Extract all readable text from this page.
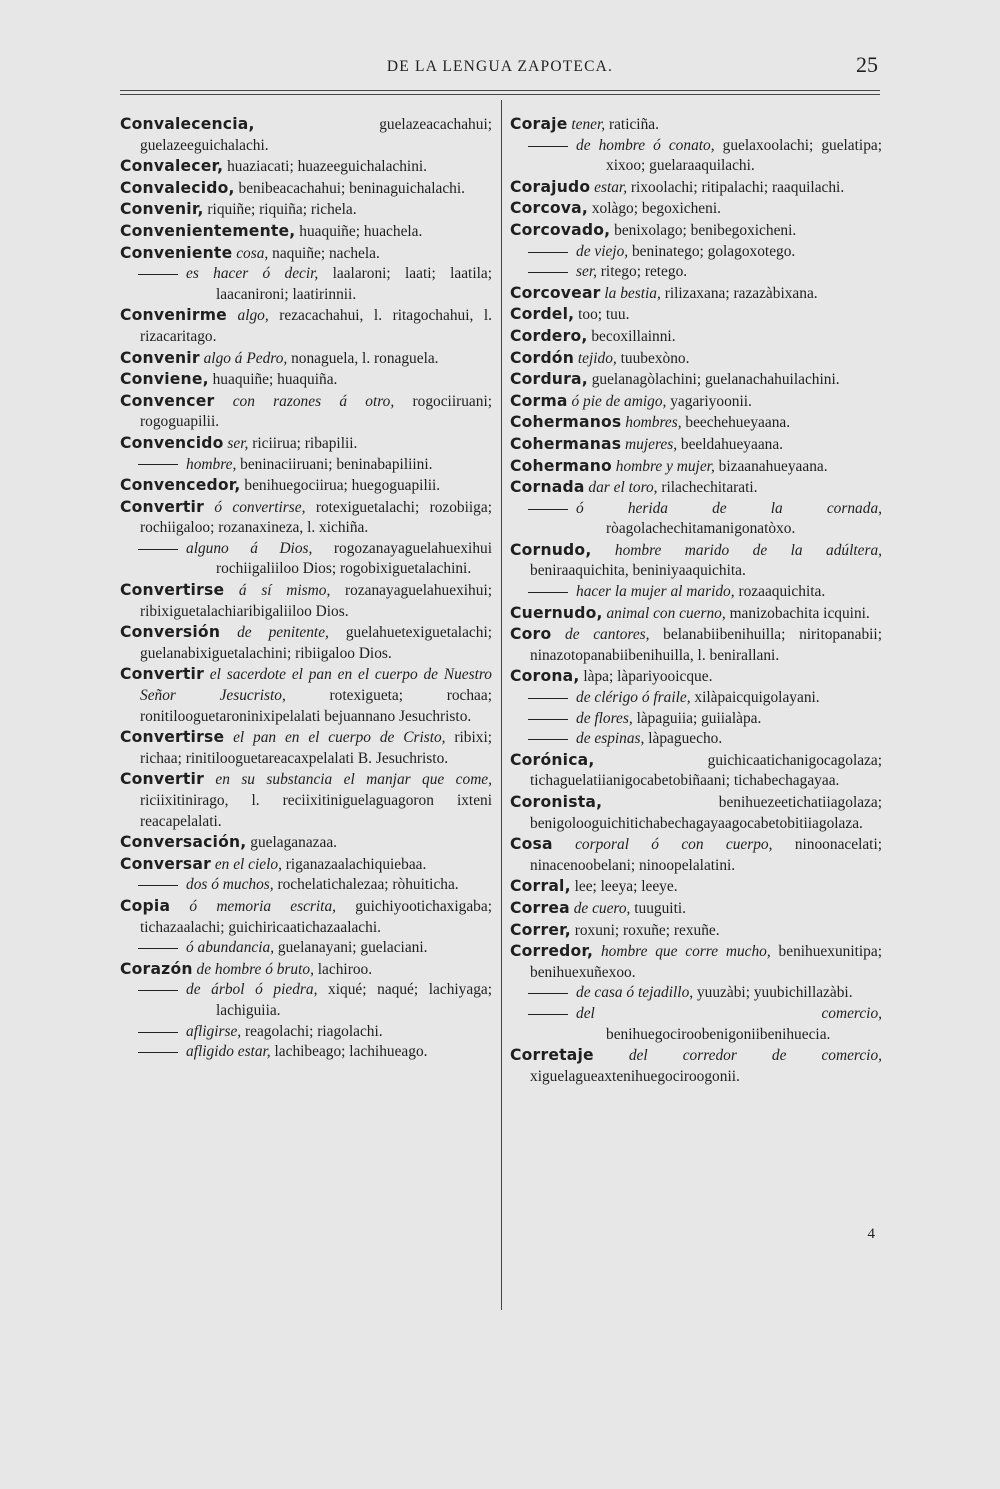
DE LA LENGUA ZAPOTECA.	25

Convalecencia, guelazeacachahui; guelazeeguichalachi.

Convalecer, huaziacati; huazeeguichalachini.

Convalecido, benibeacachahui; beninaguichalachi.

Convenir, riquiñe; riquiña; richela.

Convenientemente, huaquiñe; huachela.

Conveniente cosa, naquiñe; nachela.

es hacer ó decir, laalaroni; laati; laatila; laacanironi; laatirinnii.

Convenirme algo, rezacachahui, l. ritagochahui, l. rizacaritago.

Convenir algo á Pedro, nonaguela, l. ronaguela.

Conviene, huaquiñe; huaquiña.

Convencer con razones á otro, rogociiruani; rogoguapilii.

Convencido ser, riciirua; ribapilii.

hombre, beninaciiruani; beninabapiliini.

Convencedor, benihuegociirua; huegoguapilii.

Convertir ó convertirse, rotexiguetalachi; rozobiiga; rochiigaloo; rozanaxineza, l. xichiña.

alguno á Dios, rogozanayaguelahuexihui rochiigaliiloo Dios; rogobixiguetalachini.

Convertirse á sí mismo, rozanayaguelahuexihui; ribixiguetalachiaribigaliiloo Dios.

Conversión de penitente, guelahuetexiguetalachi; guelanabixiguetalachini; ribiigaloo Dios.

Convertir el sacerdote el pan en el cuerpo de Nuestro Señor Jesucristo, rotexigueta; rochaa; ronitilooguetaroninixipelalati bejuannano Jesuchristo.

Convertirse el pan en el cuerpo de Cristo, ribixi; richaa; rinitilooguetareacaxpelalati B. Jesuchristo.

Convertir en su substancia el manjar que come, riciixitinirago, l. reciixitiniguelaguagoron ixteni reacapelalati.

Conversación, guelaganazaa.

Conversar en el cielo, riganazaalachiquiebaa.

dos ó muchos, rochelatichalezaa; ròhuiticha.

Copia ó memoria escrita, guichiyootichaxigaba; tichazaalachi; guichiricaatichazaalachi.

ó abundancia, guelanayani; guelaciani.

Corazón de hombre ó bruto, lachiroo.

de árbol ó piedra, xiqué; naqué; lachiyaga; lachiguiia.

afligirse, reagolachi; riagolachi.

afligido estar, lachibeago; lachihueago.

Coraje tener, raticiña.

de hombre ó conato, guelaxoolachi; guelatipa; xixoo; guelaraaquilachi.

Corajudo estar, rixoolachi; ritipalachi; raaquilachi.

Corcova, xolàgo; begoxicheni.

Corcovado, benixolago; benibegoxicheni.

de viejo, beninatego; golagoxotego.

ser, ritego; retego.

Corcovear la bestia, rilizaxana; razazàbixana.

Cordel, too; tuu.

Cordero, becoxillainni.

Cordón tejido, tuubexòno.

Cordura, guelanagòlachini; guelanachahuilachini.

Corma ó pie de amigo, yagariyoonii.

Cohermanos hombres, beechehueyaana.

Cohermanas mujeres, beeldahueyaana.

Cohermano hombre y mujer, bizaanahueyaana.

Cornada dar el toro, rilachechitarati.

ó herida de la cornada, ròagolachechitamanigonatòxo.

Cornudo, hombre marido de la adúltera, beniraaquichita, beniniyaaquichita.

hacer la mujer al marido, rozaaquichita.

Cuernudo, animal con cuerno, manizobachita icquini.

Coro de cantores, belanabiibenihuilla; niritopanabii; ninazotopanabiibenihuilla, l. benirallani.

Corona, làpa; làpariyooicque.

de clérigo ó fraile, xilàpaicquigolayani.

de flores, làpaguiia; guiialàpa.

de espinas, làpaguecho.

Corónica, guichicaatichanigocagolaza; tichaguelatiianigocabetobiñaani; tichabechagayaa.

Coronista, benihuezeetichatiiagolaza; benigolooguichitichabechagayaagocabetobitiiagolaza.

Cosa corporal ó con cuerpo, ninoonacelati; ninacenoobelani; ninoopelalatini.

Corral, lee; leeya; leeye.

Correa de cuero, tuuguiti.

Correr, roxuni; roxuñe; rexuñe.

Corredor, hombre que corre mucho, benihuexunitipa; benihuexuñexoo.

de casa ó tejadillo, yuuzàbi; yuubichillazàbi.

del comercio, benihuegociroobenigoniibenihuecia.

Corretaje del corredor de comercio, xiguelagueaxtenihuegociroogonii.

4
